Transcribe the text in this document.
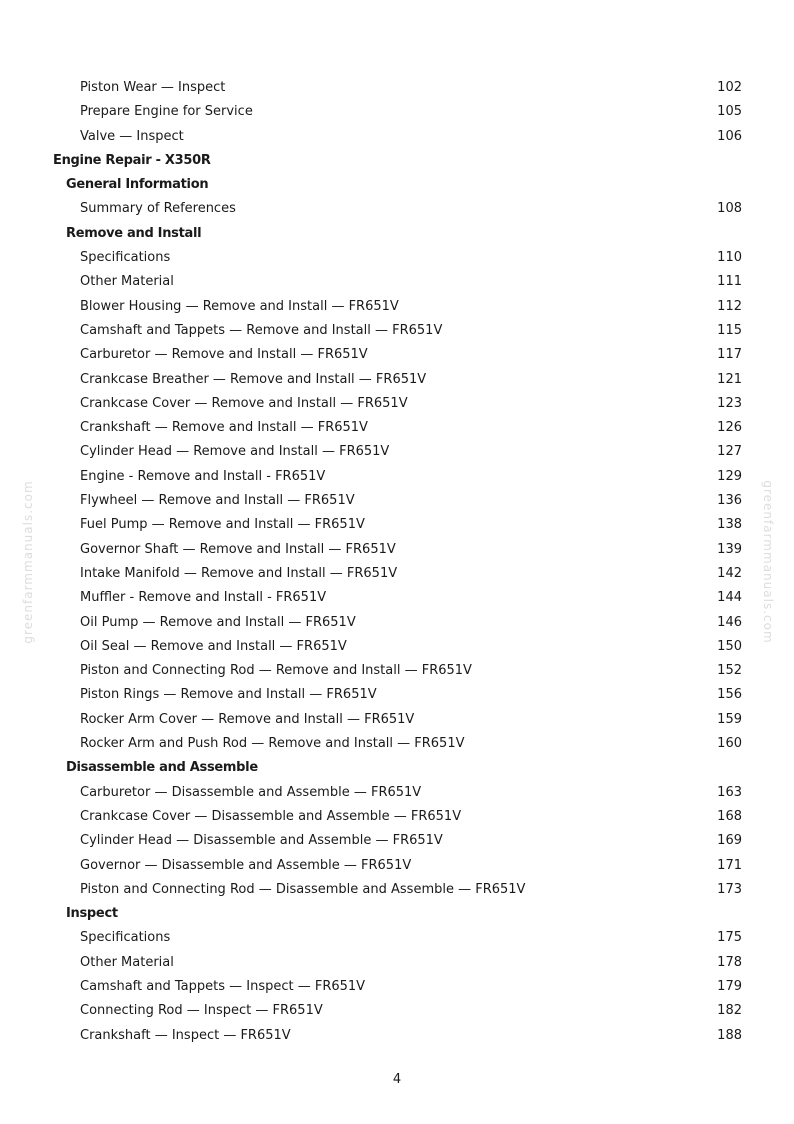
Piston Wear — Inspect	102
Prepare Engine for Service	105
Valve — Inspect	106
Engine Repair - X350R
General Information
Summary of References	108
Remove and Install
Specifications	110
Other Material	111
Blower Housing — Remove and Install — FR651V	112
Camshaft and Tappets — Remove and Install — FR651V	115
Carburetor — Remove and Install — FR651V	117
Crankcase Breather — Remove and Install — FR651V	121
Crankcase Cover — Remove and Install — FR651V	123
Crankshaft — Remove and Install — FR651V	126
Cylinder Head — Remove and Install — FR651V	127
Engine - Remove and Install - FR651V	129
Flywheel — Remove and Install — FR651V	136
Fuel Pump — Remove and Install — FR651V	138
Governor Shaft — Remove and Install — FR651V	139
Intake Manifold — Remove and Install — FR651V	142
Muffler - Remove and Install - FR651V	144
Oil Pump — Remove and Install — FR651V	146
Oil Seal — Remove and Install — FR651V	150
Piston and Connecting Rod — Remove and Install — FR651V	152
Piston Rings — Remove and Install — FR651V	156
Rocker Arm Cover — Remove and Install — FR651V	159
Rocker Arm and Push Rod — Remove and Install — FR651V	160
Disassemble and Assemble
Carburetor — Disassemble and Assemble — FR651V	163
Crankcase Cover — Disassemble and Assemble — FR651V	168
Cylinder Head — Disassemble and Assemble — FR651V	169
Governor — Disassemble and Assemble — FR651V	171
Piston and Connecting Rod — Disassemble and Assemble — FR651V	173
Inspect
Specifications	175
Other Material	178
Camshaft and Tappets — Inspect — FR651V	179
Connecting Rod — Inspect — FR651V	182
Crankshaft — Inspect — FR651V	188
4
greenfarmmanuals.com	greenfarmmanuals.com
